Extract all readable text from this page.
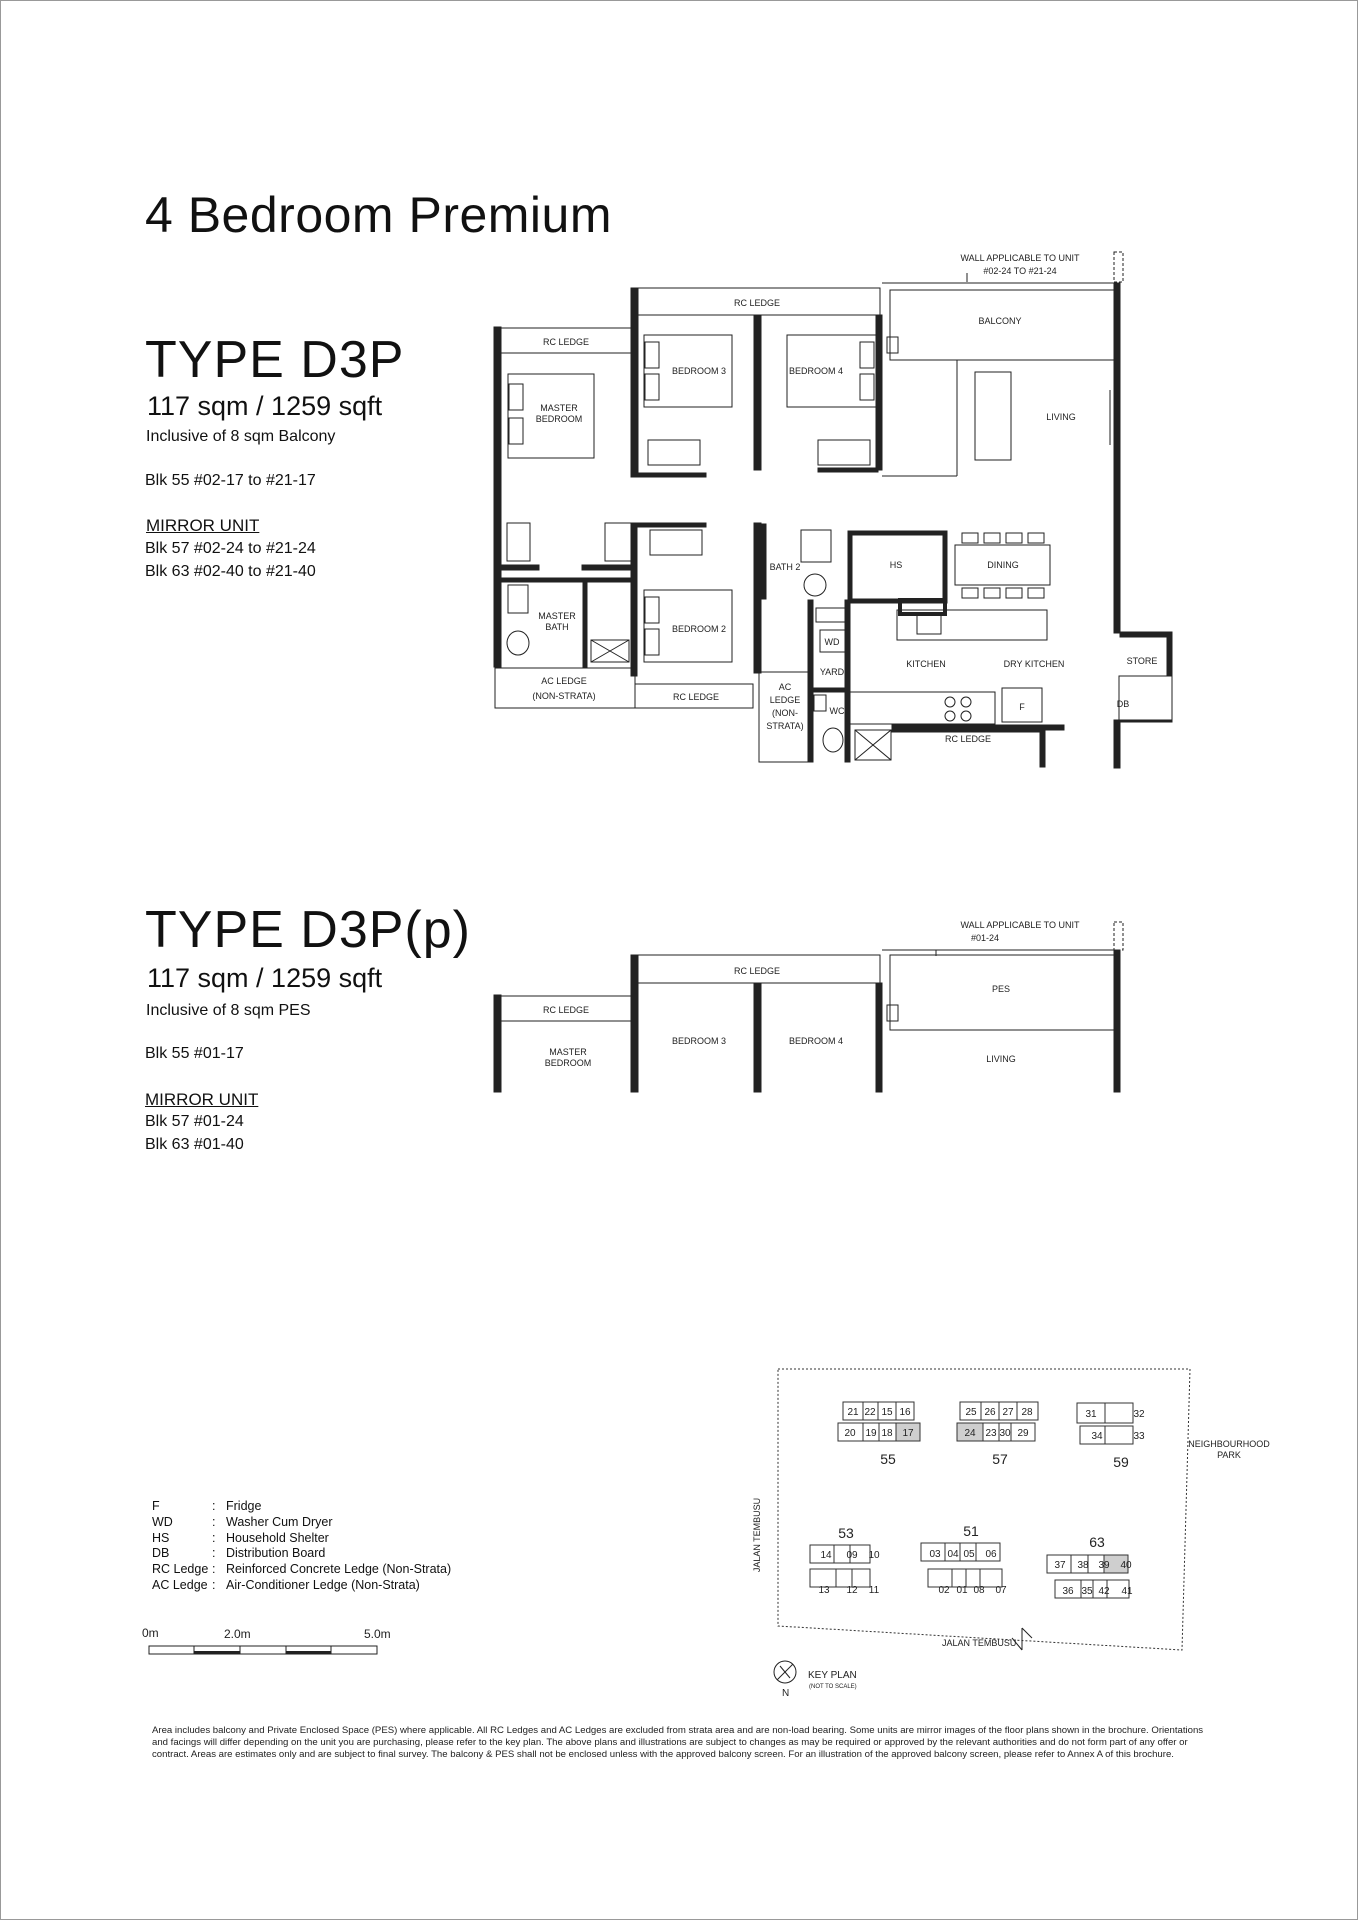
4 Bedroom Premium
TYPE D3P
117 sqm / 1259 sqft
Inclusive of 8 sqm Balcony
Blk 55 #02-17 to #21-17
MIRROR UNIT
Blk 57 #02-24 to #21-24
Blk 63 #02-40 to #21-40
TYPE D3P(p)
117 sqm / 1259 sqft
Inclusive of 8 sqm PES
Blk 55 #01-17
MIRROR UNIT
Blk 57 #01-24
Blk 63 #01-40
WALL APPLICABLE TO UNIT
#02-24 TO #21-24
RC LEDGE
RC LEDGE
BALCONY
MASTER
BEDROOM
BEDROOM 3	BEDROOM 4
LIVING
HS	DINING
BATH 2
MASTER
BATH	BEDROOM 2
WD
YARD
KITCHEN	DRY KITCHEN	STORE
DB
AC LEDGE
(NON-STRATA)	RC LEDGE
AC
LEDGE
(NON-
STRATA)
WC	F
RC LEDGE
WALL APPLICABLE TO UNIT
#01-24
RC LEDGE
RC LEDGE
PES
MASTER
BEDROOM
BEDROOM 3	BEDROOM 4
LIVING
F	: Fridge
WD	: Washer Cum Dryer
HS	: Household Shelter
DB	: Distribution Board
RC Ledge : Reinforced Concrete Ledge (Non-Strata)
AC Ledge : Air-Conditioner Ledge (Non-Strata)
0m	2.0m	5.0m
JALAN TEMBUSU
JALAN TEMBUSU
NEIGHBOURHOOD
PARK
21 22 15 16
20 19 18 17
55
25 26 27 28
24 23 30 29
57
31	32
34	33
59
14 09 10
13 12 11
53
03 04 05 06
02 01 08 07
51
37 38 39 40
36 35 42 41
63
N
KEY PLAN
(NOT TO SCALE)
Area includes balcony and Private Enclosed Space (PES) where applicable. All RC Ledges and AC Ledges are excluded from strata area and are non-load bearing. Some units are mirror images of the floor plans shown in the brochure. Orientations and facings will differ depending on the unit you are purchasing, please refer to the key plan. The above plans and illustrations are subject to changes as may be required or approved by the relevant authorities and do not form part of any offer or contract. Areas are estimates only and are subject to final survey. The balcony & PES shall not be enclosed unless with the approved balcony screen. For an illustration of the approved balcony screen, please refer to Annex A of this brochure.
